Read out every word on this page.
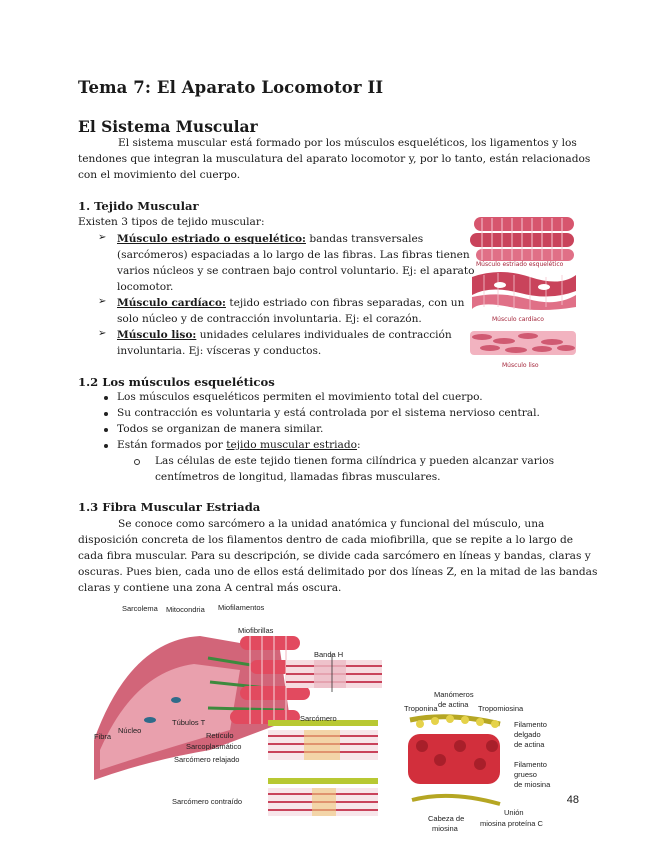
Tema 7: El Aparato Locomotor II
El Sistema Muscular
El sistema muscular está formado por los músculos esqueléticos, los ligamentos y los
tendones que integran la musculatura del aparato locomotor y, por lo tanto, están relacionados
con el movimiento del cuerpo.
1. Tejido Muscular
Existen 3 tipos de tejido muscular:
➢ Músculo estriado o esquelético: bandas transversales
(sarcómeros) espaciadas a lo largo de las fibras. Las fibras tienen
varios núcleos y se contraen bajo control voluntario. Ej: el aparato
locomotor.
➢ Músculo cardíaco: tejido estriado con fibras separadas, con un
solo núcleo y de contracción involuntaria. Ej: el corazón.
➢ Músculo liso: unidades celulares individuales de contracción
involuntaria. Ej: vísceras y conductos.
Músculo estriado esquelético
Músculo cardíaco
Músculo liso
1.2 Los músculos esqueléticos
Los músculos esqueléticos permiten el movimiento total del cuerpo.
Su contracción es voluntaria y está controlada por el sistema nervioso central.
Todos se organizan de manera similar.
Están formados por tejido muscular estriado:
Las células de este tejido tienen forma cilíndrica y pueden alcanzar varios
centímetros de longitud, llamadas fibras musculares.
1.3 Fibra Muscular Estriada
Se conoce como sarcómero a la unidad anatómica y funcional del músculo, una
disposición concreta de los filamentos dentro de cada miofibrilla, que se repite a lo largo de
cada fibra muscular. Para su descripción, se divide cada sarcómero en líneas y bandas, claras y
oscuras. Pues bien, cada uno de ellos está delimitado por dos líneas Z, en la mitad de las bandas
claras y contiene una zona A central más oscura.
Sarcolema Mitocondria Miofilamentos
Miofibrillas
Banda H
Túbulos T
Retículo
Sarcoplasmático
Sarcómero relajado
Sarcómero contraído
Núcleo
Fibra
Sarcómero
Troponina
Manómeros
de actina Tropomiosina
Filamento
delgado
de actina
Filamento
grueso
de miosina
Cabeza de
miosina
Unión
miosina proteína C
48
